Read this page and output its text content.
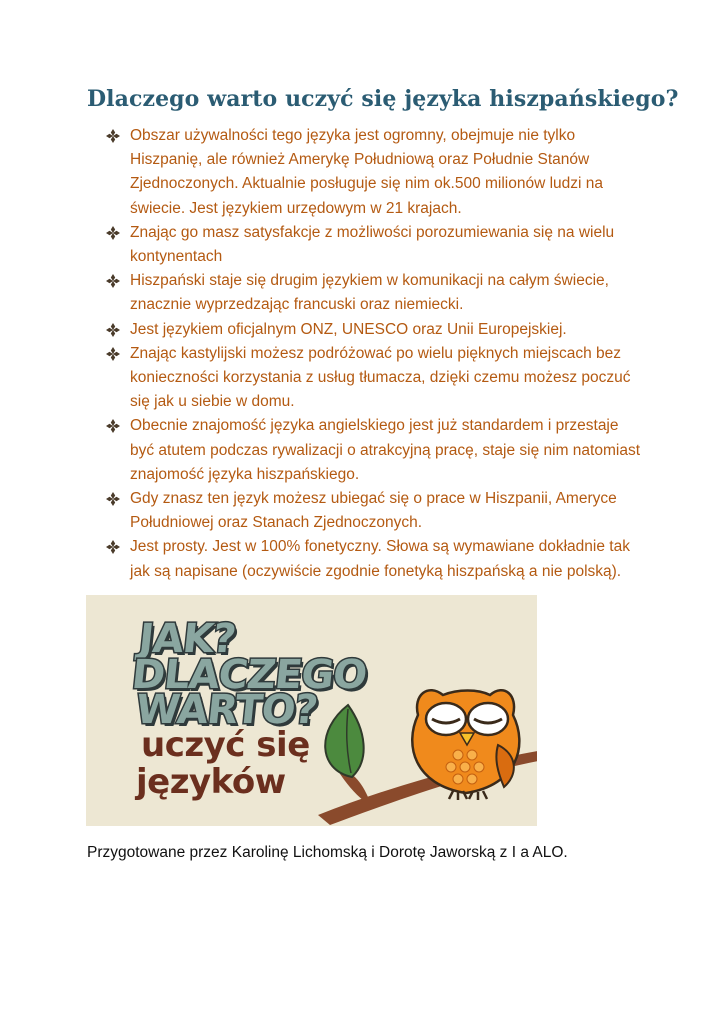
Dlaczego warto uczyć się języka hiszpańskiego?
Obszar używalności tego języka jest ogromny, obejmuje nie tylko Hiszpanię, ale również Amerykę Południową oraz Południe Stanów Zjednoczonych. Aktualnie posługuje się nim ok.500 milionów ludzi na świecie. Jest językiem urzędowym w 21 krajach.
Znając go masz satysfakcje z możliwości porozumiewania się na wielu kontynentach
Hiszpański staje się drugim językiem w komunikacji na całym świecie, znacznie wyprzedzając francuski oraz niemiecki.
Jest językiem oficjalnym ONZ, UNESCO oraz Unii Europejskiej.
Znając kastylijski możesz podróżować po wielu pięknych miejscach bez konieczności korzystania z usług tłumacza, dzięki czemu możesz poczuć się jak u siebie w domu.
Obecnie znajomość języka angielskiego jest już standardem i przestaje być atutem podczas rywalizacji o atrakcyjną pracę, staje się nim natomiast znajomość języka hiszpańskiego.
Gdy znasz ten język możesz ubiegać się o prace w Hiszpanii, Ameryce Południowej oraz Stanach Zjednoczonych.
Jest prosty. Jest w 100% fonetyczny. Słowa są wymawiane dokładnie tak jak są napisane (oczywiście zgodnie fonetyką hiszpańską a nie polską).
JAK?
DLACZEGO
WARTO?
uczyć się
języków

Przygotowane przez Karolinę Lichomską i Dorotę Jaworską z I a ALO.
